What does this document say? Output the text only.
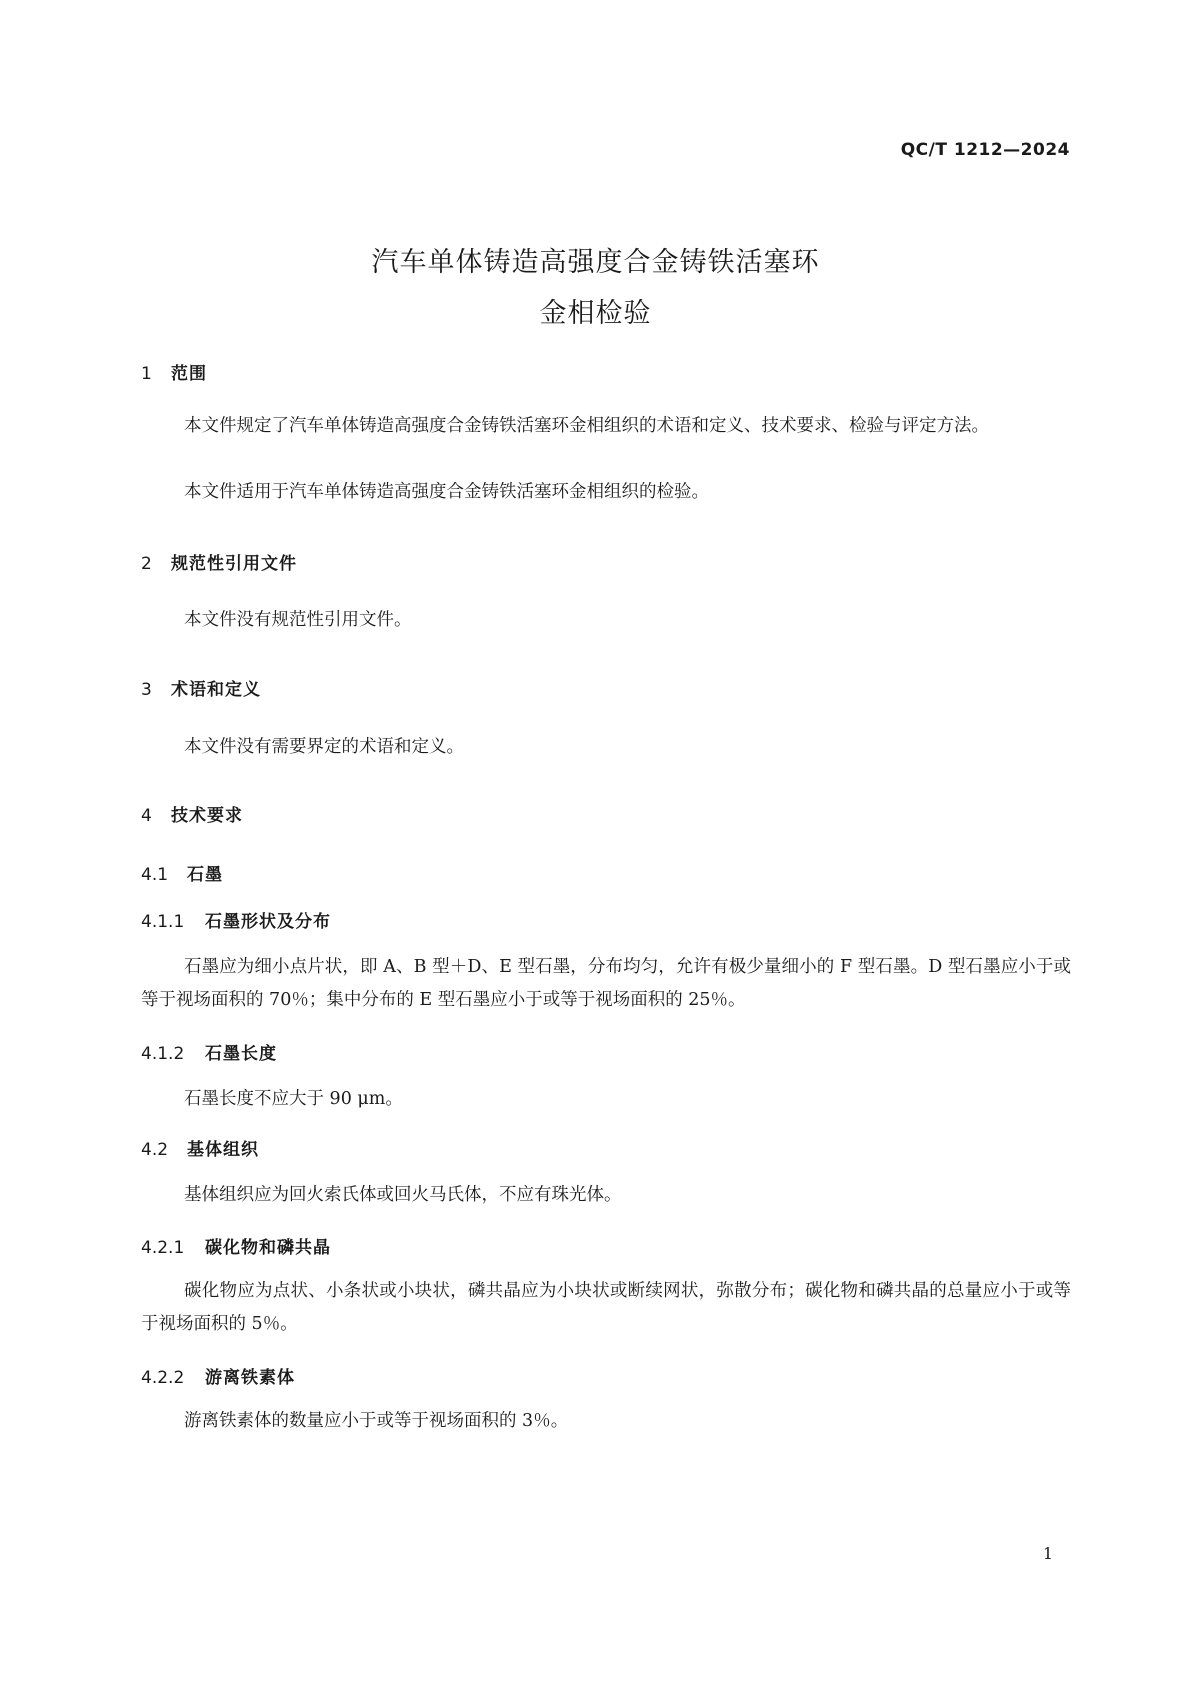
QC/T 1212—2024
汽车单体铸造高强度合金铸铁活塞环
金相检验
1 范围

本文件规定了汽车单体铸造高强度合金铸铁活塞环金相组织的术语和定义、技术要求、检验与评定方法。

本文件适用于汽车单体铸造高强度合金铸铁活塞环金相组织的检验。

2 规范性引用文件

本文件没有规范性引用文件。

3 术语和定义

本文件没有需要界定的术语和定义。

4 技术要求
4.1 石墨
4.1.1 石墨形状及分布

石墨应为细小点片状，即 A、B 型＋D、E 型石墨，分布均匀，允许有极少量细小的 F 型石墨。D 型石墨应小于或等于视场面积的 70％；集中分布的 E 型石墨应小于或等于视场面积的 25％。

4.1.2 石墨长度

石墨长度不应大于 90 μm。

4.2 基体组织

基体组织应为回火索氏体或回火马氏体，不应有珠光体。

4.2.1 碳化物和磷共晶

碳化物应为点状、小条状或小块状，磷共晶应为小块状或断续网状，弥散分布；碳化物和磷共晶的总量应小于或等于视场面积的 5％。

4.2.2 游离铁素体

游离铁素体的数量应小于或等于视场面积的 3％。

1
